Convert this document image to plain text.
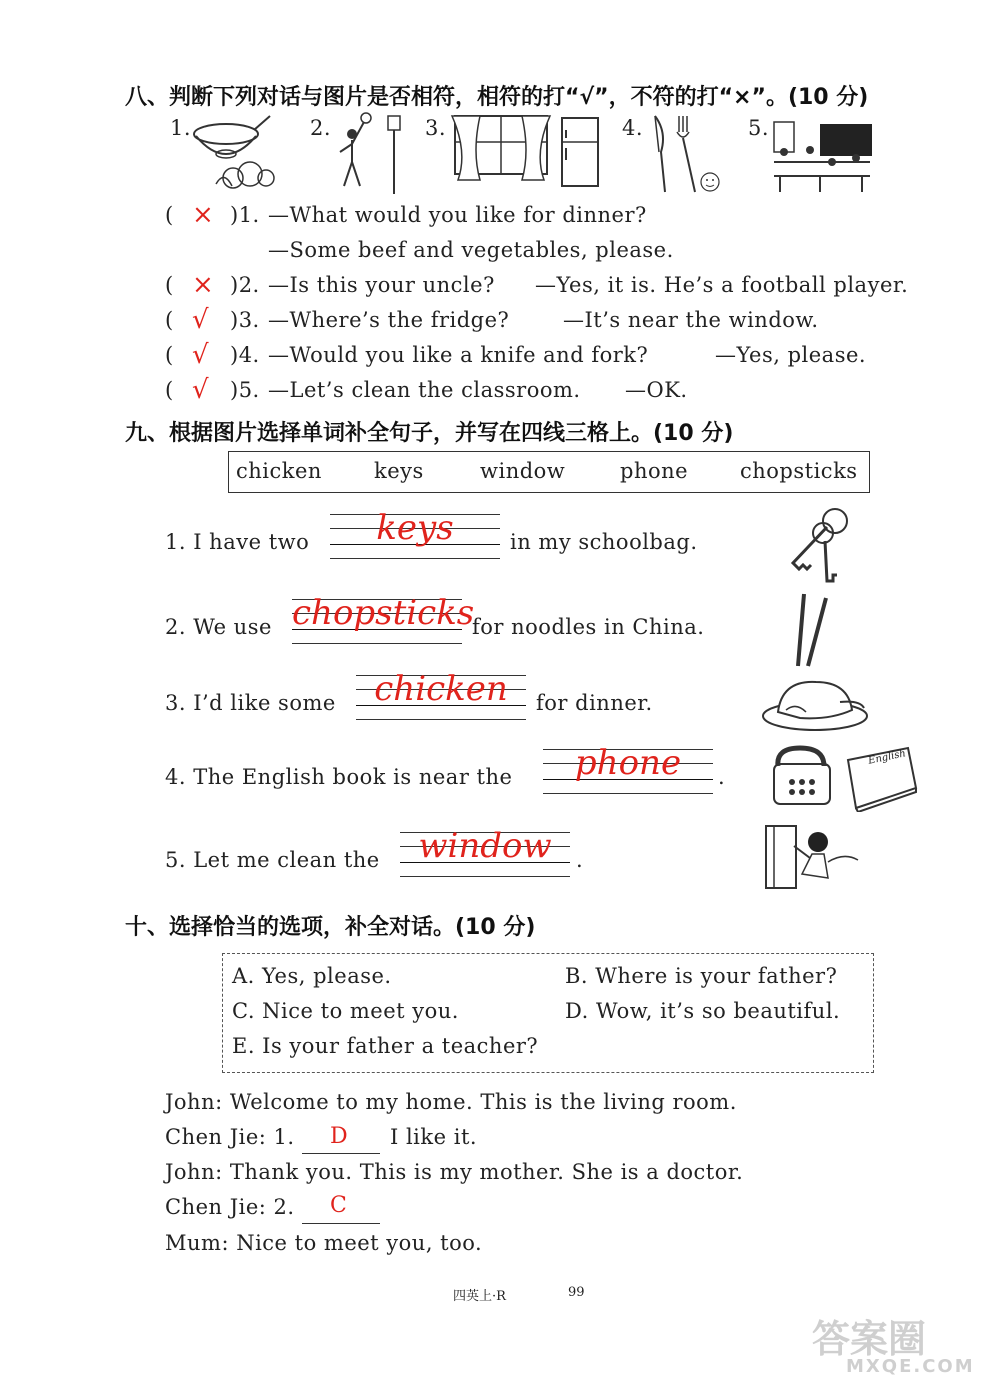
八、判断下列对话与图片是否相符，相符的打“√”，不符的打“×”。(10 分)
1.	2.	3.	4.	5.
( × )1. —What would you like for dinner?
—Some beef and vegetables, please.
( × )2. —Is this your uncle? —Yes, it is. He’s a football player.
( √ )3. —Where’s the fridge?	—It’s near the window.
( √ )4. —Would you like a knife and fork?	—Yes, please.
( √ )5. —Let’s clean the classroom. —OK.
九、根据图片选择单词补全句子，并写在四线三格上。(10 分)
chicken keys	window	phone chopsticks
1. I have two	keys	in my schoolbag.
2. We use chopsticks
for noodles in China.
3. I’d like some	chicken	for dinner.
4. The English book is near the	phone	.
English
5. Let me clean the	window	.
十、选择恰当的选项，补全对话。(10 分)
A. Yes, please.	B. Where is your father?
C. Nice to meet you.	D. Wow, it’s so beautiful.
E. Is your father a teacher?
John: Welcome to my home. This is the living room.
Chen Jie: 1. D I like it.
John: Thank you. This is my mother. She is a doctor.
Chen Jie: 2. C
Mum: Nice to meet you, too.
四英上·R	99
答案圈
MXQE.COM
